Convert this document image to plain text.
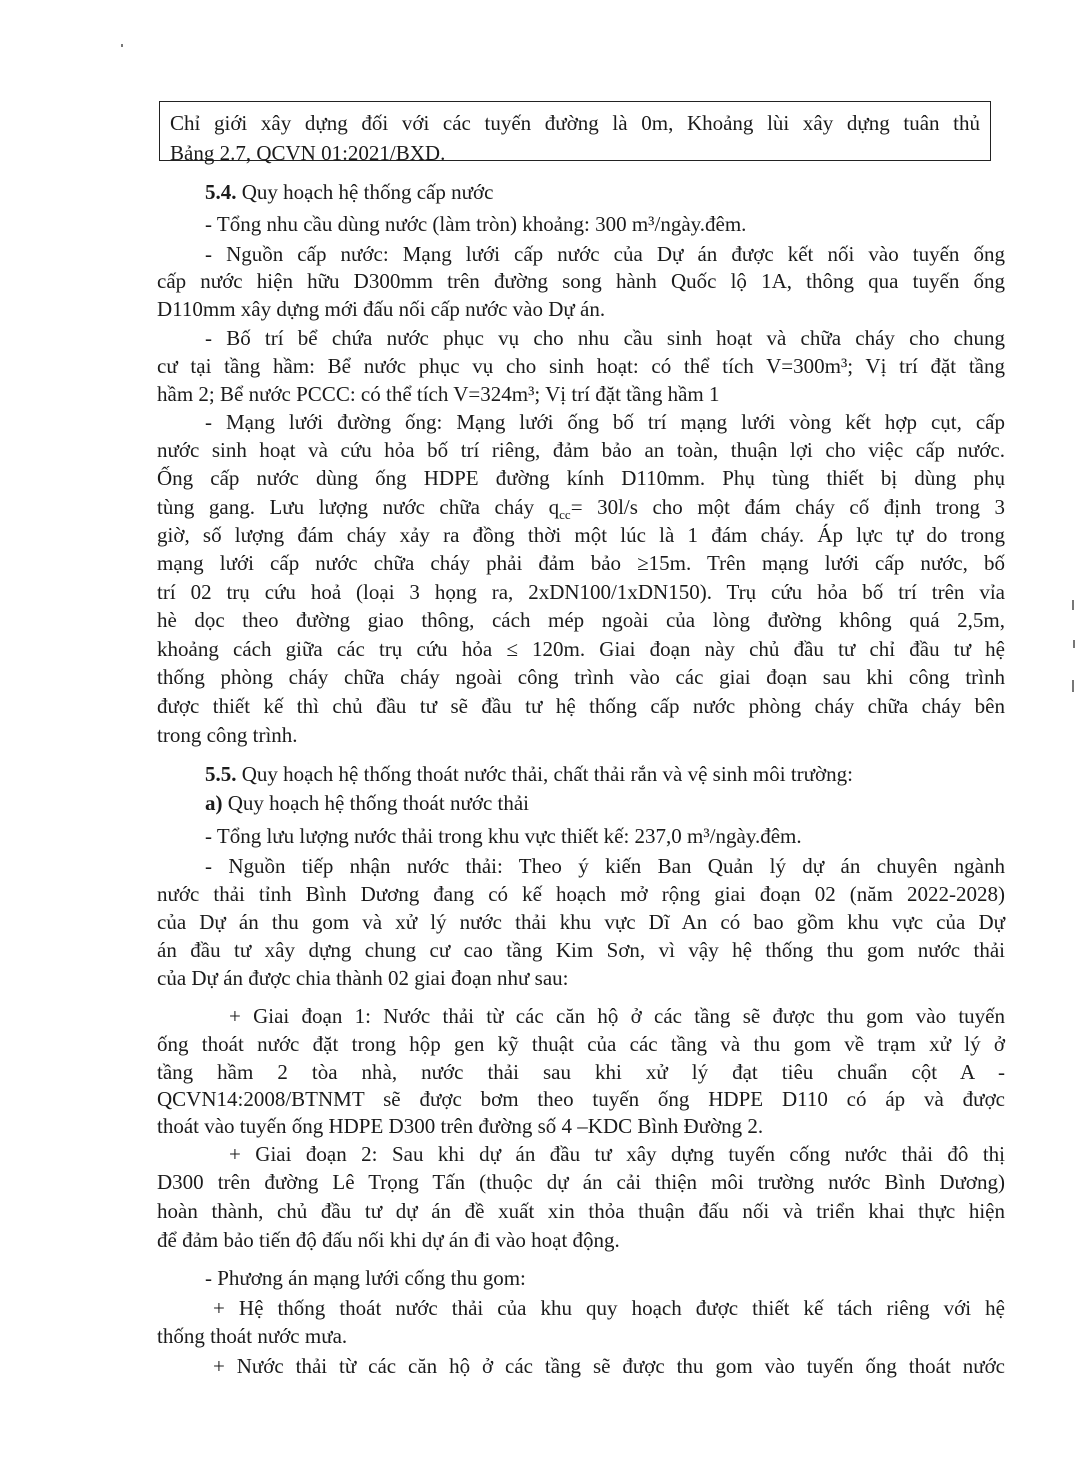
Chỉ giới xây dựng đối với các tuyến đường là 0m, Khoảng lùi xây dựng tuân thủ
Bảng 2.7, QCVN 01:2021/BXD.

5.4. Quy hoạch hệ thống cấp nước

- Tổng nhu cầu dùng nước (làm tròn) khoảng: 300 m³/ngày.đêm.

- Nguồn cấp nước: Mạng lưới cấp nước của Dự án được kết nối vào tuyến ống

cấp nước hiện hữu D300mm trên đường song hành Quốc lộ 1A, thông qua tuyến ống

D110mm xây dựng mới đấu nối cấp nước vào Dự án.

- Bố trí bể chứa nước phục vụ cho nhu cầu sinh hoạt và chữa cháy cho chung

cư tại tầng hầm: Bể nước phục vụ cho sinh hoạt: có thể tích V=300m³; Vị trí đặt tầng

hầm 2; Bể nước PCCC: có thể tích V=324m³; Vị trí đặt tầng hầm 1

- Mạng lưới đường ống: Mạng lưới ống bố trí mạng lưới vòng kết hợp cụt, cấp

nước sinh hoạt và cứu hỏa bố trí riêng, đảm bảo an toàn, thuận lợi cho việc cấp nước.

Ống cấp nước dùng ống HDPE đường kính D110mm. Phụ tùng thiết bị dùng phụ

tùng gang. Lưu lượng nước chữa cháy $q_{cc}= 30l/s$ cho một đám cháy cố định trong 3

giờ, số lượng đám cháy xảy ra đồng thời một lúc là 1 đám cháy. Áp lực tự do trong

mạng lưới cấp nước chữa cháy phải đảm bảo ≥15m. Trên mạng lưới cấp nước, bố

trí 02 trụ cứu hoả (loại 3 họng ra, 2xDN100/1xDN150). Trụ cứu hỏa bố trí trên vỉa

hè dọc theo đường giao thông, cách mép ngoài của lòng đường không quá 2,5m,

khoảng cách giữa các trụ cứu hỏa ≤ 120m. Giai đoạn này chủ đầu tư chỉ đầu tư hệ

thống phòng cháy chữa cháy ngoài công trình vào các giai đoạn sau khi công trình

được thiết kế thì chủ đầu tư sẽ đầu tư hệ thống cấp nước phòng cháy chữa cháy bên

trong công trình.

5.5. Quy hoạch hệ thống thoát nước thải, chất thải rắn và vệ sinh môi trường:

a) Quy hoạch hệ thống thoát nước thải

- Tổng lưu lượng nước thải trong khu vực thiết kế: 237,0 m³/ngày.đêm.

- Nguồn tiếp nhận nước thải: Theo ý kiến Ban Quản lý dự án chuyên ngành

nước thải tỉnh Bình Dương đang có kế hoạch mở rộng giai đoạn 02 (năm 2022-2028)

của Dự án thu gom và xử lý nước thải khu vực Dĩ An có bao gồm khu vực của Dự

án đầu tư xây dựng chung cư cao tầng Kim Sơn, vì vậy hệ thống thu gom nước thải

của Dự án được chia thành 02 giai đoạn như sau:

+ Giai đoạn 1: Nước thải từ các căn hộ ở các tầng sẽ được thu gom vào tuyến

ống thoát nước đặt trong hộp gen kỹ thuật của các tầng và thu gom về trạm xử lý ở

tầng hầm 2 tòa nhà, nước thải sau khi xử lý đạt tiêu chuẩn cột A -

QCVN14:2008/BTNMT sẽ được bơm theo tuyến ống HDPE D110 có áp và được

thoát vào tuyến ống HDPE D300 trên đường số 4 –KDC Bình Đường 2.

+ Giai đoạn 2: Sau khi dự án đầu tư xây dựng tuyến cống nước thải đô thị

D300 trên đường Lê Trọng Tấn (thuộc dự án cải thiện môi trường nước Bình Dương)

hoàn thành, chủ đầu tư dự án đề xuất xin thỏa thuận đấu nối và triển khai thực hiện

để đảm bảo tiến độ đấu nối khi dự án đi vào hoạt động.

- Phương án mạng lưới cống thu gom:

+ Hệ thống thoát nước thải của khu quy hoạch được thiết kế tách riêng với hệ

thống thoát nước mưa.

+ Nước thải từ các căn hộ ở các tầng sẽ được thu gom vào tuyến ống thoát nước
